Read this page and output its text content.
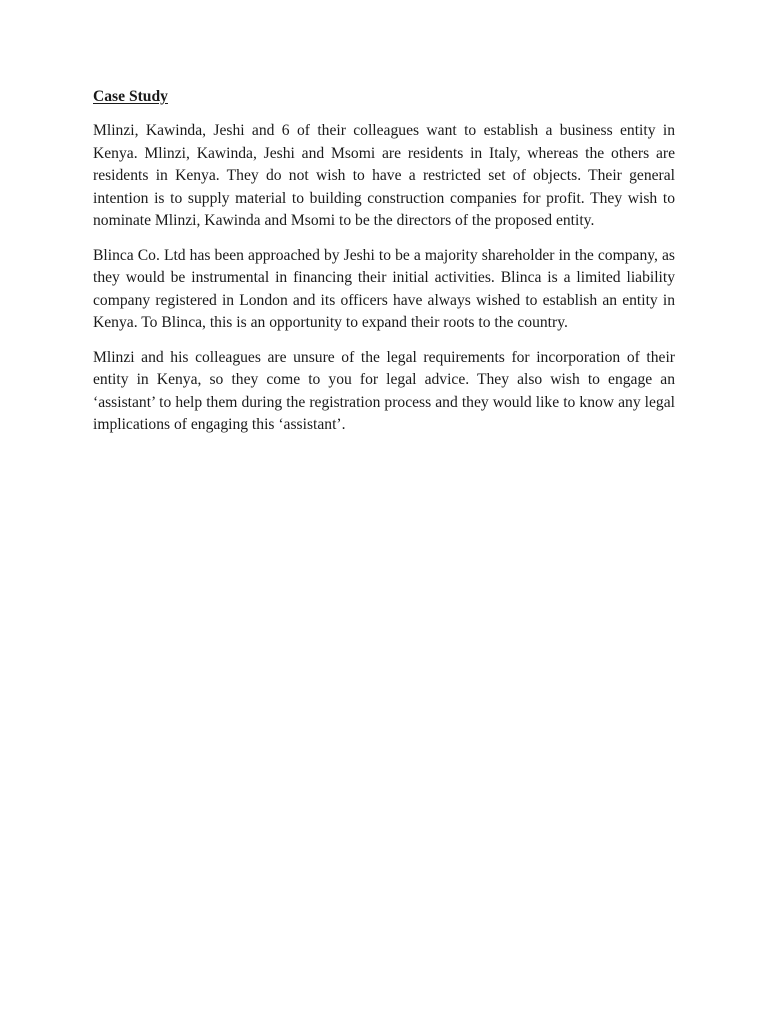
Case Study

Mlinzi, Kawinda, Jeshi and 6 of their colleagues want to establish a business entity in Kenya. Mlinzi, Kawinda, Jeshi and Msomi are residents in Italy, whereas the others are residents in Kenya. They do not wish to have a restricted set of objects. Their general intention is to supply material to building construction companies for profit. They wish to nominate Mlinzi, Kawinda and Msomi to be the directors of the proposed entity.

Blinca Co. Ltd has been approached by Jeshi to be a majority shareholder in the company, as they would be instrumental in financing their initial activities. Blinca is a limited liability company registered in London and its officers have always wished to establish an entity in Kenya. To Blinca, this is an opportunity to expand their roots to the country.

Mlinzi and his colleagues are unsure of the legal requirements for incorporation of their entity in Kenya, so they come to you for legal advice. They also wish to engage an ‘assistant’ to help them during the registration process and they would like to know any legal implications of engaging this ‘assistant’.
